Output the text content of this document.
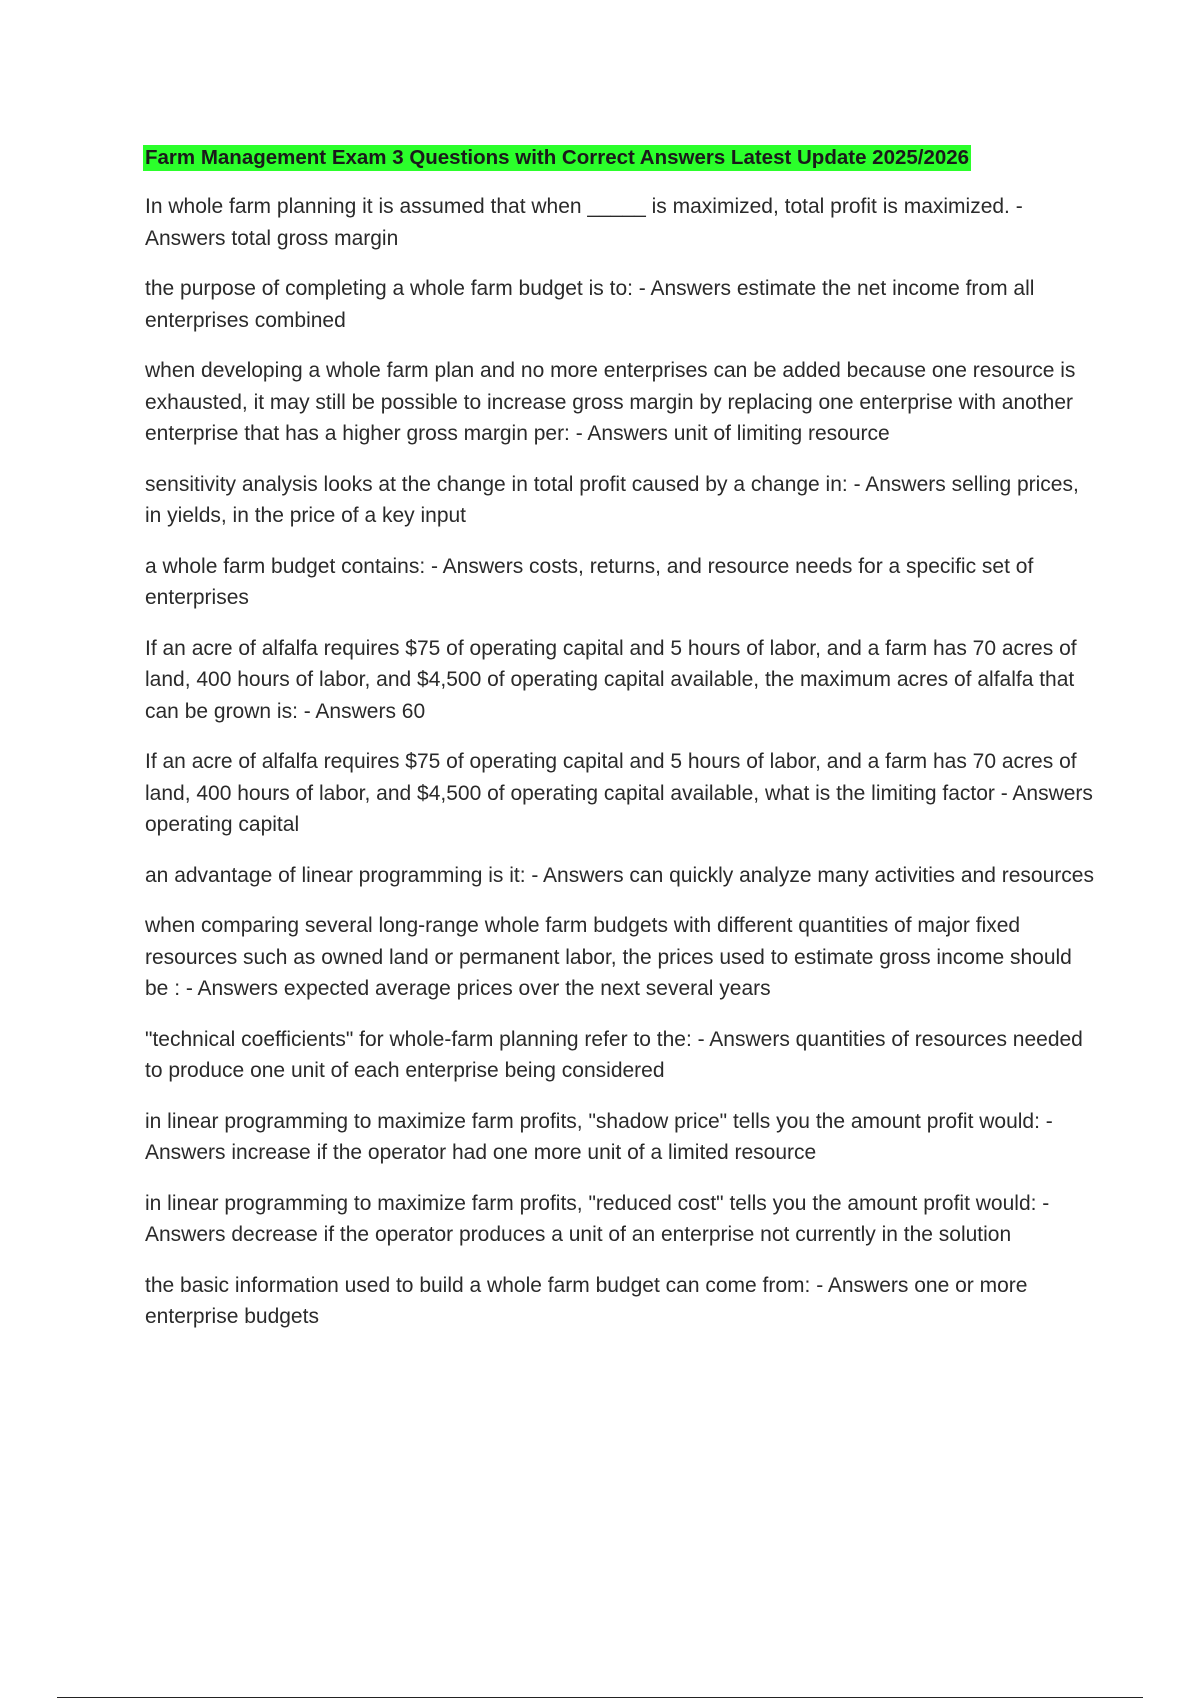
Farm Management Exam 3 Questions with Correct Answers Latest Update 2025/2026

In whole farm planning it is assumed that when _____ is maximized, total profit is maximized. - Answers total gross margin

the purpose of completing a whole farm budget is to: - Answers estimate the net income from all enterprises combined

when developing a whole farm plan and no more enterprises can be added because one resource is exhausted, it may still be possible to increase gross margin by replacing one enterprise with another enterprise that has a higher gross margin per: - Answers unit of limiting resource

sensitivity analysis looks at the change in total profit caused by a change in: - Answers selling prices, in yields, in the price of a key input

a whole farm budget contains: - Answers costs, returns, and resource needs for a specific set of enterprises

If an acre of alfalfa requires $75 of operating capital and 5 hours of labor, and a farm has 70 acres of land, 400 hours of labor, and $4,500 of operating capital available, the maximum acres of alfalfa that can be grown is: - Answers 60

If an acre of alfalfa requires $75 of operating capital and 5 hours of labor, and a farm has 70 acres of land, 400 hours of labor, and $4,500 of operating capital available, what is the limiting factor - Answers operating capital

an advantage of linear programming is it: - Answers can quickly analyze many activities and resources

when comparing several long-range whole farm budgets with different quantities of major fixed resources such as owned land or permanent labor, the prices used to estimate gross income should be : - Answers expected average prices over the next several years

"technical coefficients" for whole-farm planning refer to the: - Answers quantities of resources needed to produce one unit of each enterprise being considered

in linear programming to maximize farm profits, "shadow price" tells you the amount profit would: - Answers increase if the operator had one more unit of a limited resource

in linear programming to maximize farm profits, "reduced cost" tells you the amount profit would: - Answers decrease if the operator produces a unit of an enterprise not currently in the solution

the basic information used to build a whole farm budget can come from: - Answers one or more enterprise budgets
